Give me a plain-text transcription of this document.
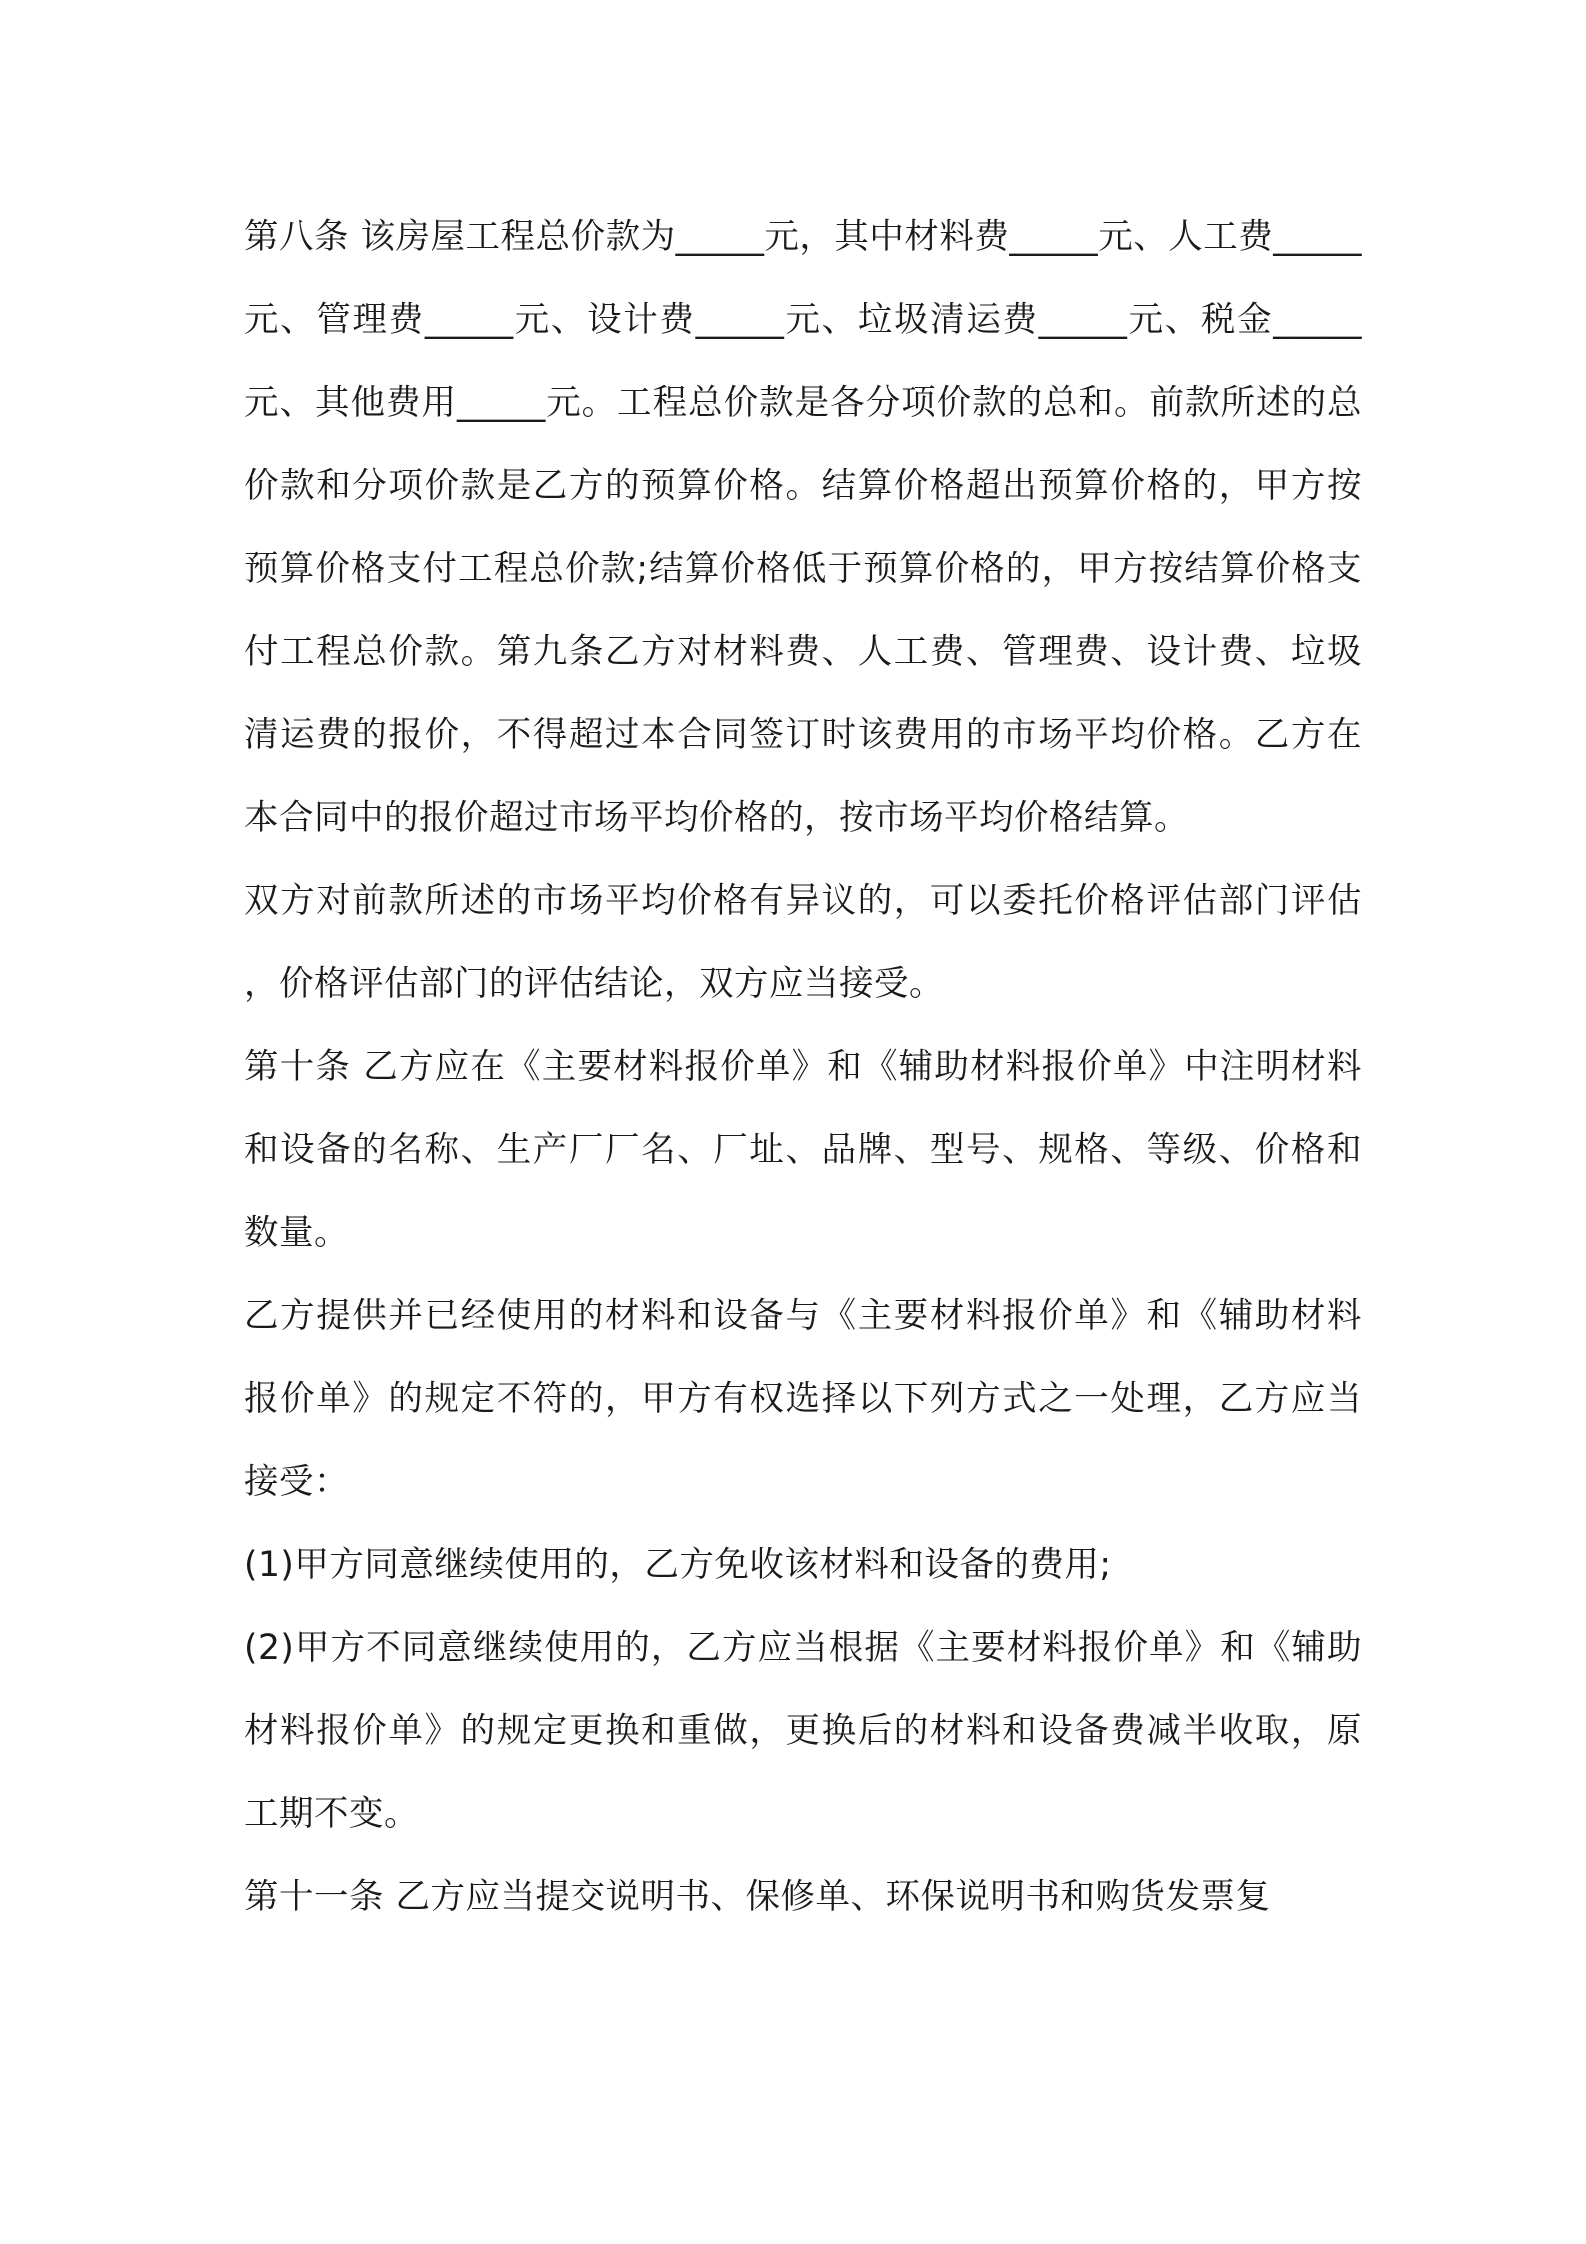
第八条 该房屋工程总价款为_____元，其中材料费_____元、人工费_____元、管理费_____元、设计费_____元、垃圾清运费_____元、税金_____元、其他费用_____元。工程总价款是各分项价款的总和。前款所述的总价款和分项价款是乙方的预算价格。结算价格超出预算价格的，甲方按预算价格支付工程总价款;结算价格低于预算价格的，甲方按结算价格支付工程总价款。第九条乙方对材料费、人工费、管理费、设计费、垃圾清运费的报价，不得超过本合同签订时该费用的市场平均价格。乙方在本合同中的报价超过市场平均价格的，按市场平均价格结算。

双方对前款所述的市场平均价格有异议的，可以委托价格评估部门评估，价格评估部门的评估结论，双方应当接受。

第十条 乙方应在《主要材料报价单》和《辅助材料报价单》中注明材料和设备的名称、生产厂厂名、厂址、品牌、型号、规格、等级、价格和数量。

乙方提供并已经使用的材料和设备与《主要材料报价单》和《辅助材料报价单》的规定不符的，甲方有权选择以下列方式之一处理，乙方应当接受：

(1)甲方同意继续使用的，乙方免收该材料和设备的费用;

(2)甲方不同意继续使用的，乙方应当根据《主要材料报价单》和《辅助材料报价单》的规定更换和重做，更换后的材料和设备费减半收取，原工期不变。

第十一条 乙方应当提交说明书、保修单、环保说明书和购货发票复
